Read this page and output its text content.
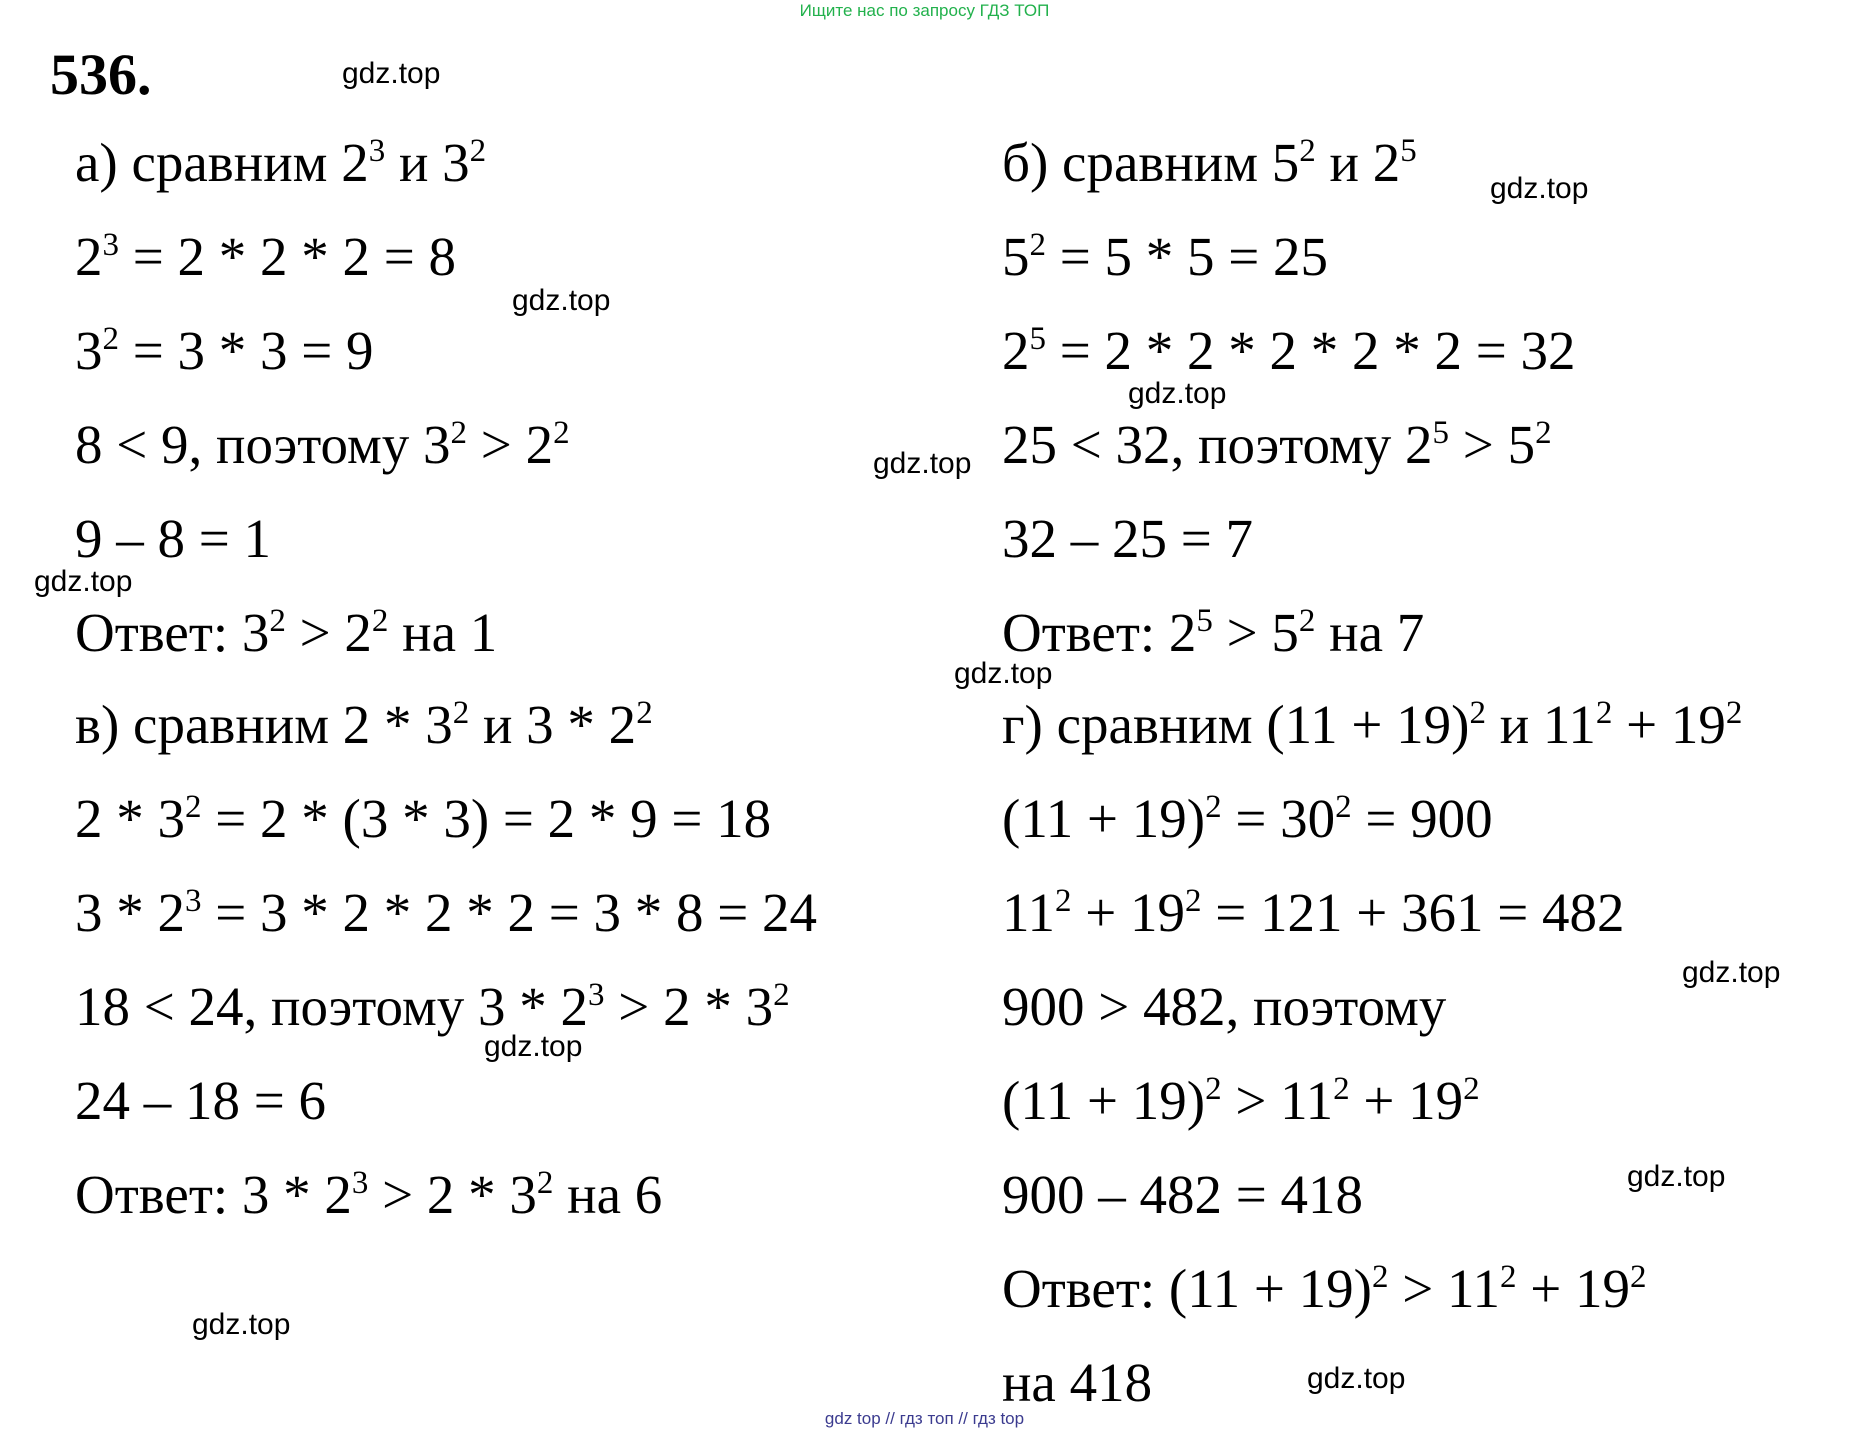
Ищите нас по запросу ГДЗ ТОП
536.
а) сравним $2^3$ и $3^2$
$2^3 = 2 * 2 * 2 = 8$
$3^2 = 3 * 3 = 9$
8 < 9, поэтому $3^2 > 2^2$
9 – 8 = 1
Ответ: $3^2 > 2^2$ на 1
б) сравним $5^2$ и $2^5$
$5^2 = 5 * 5 = 25$
$2^5 = 2 * 2 * 2 * 2 * 2 = 32$
25 < 32, поэтому $2^5 > 5^2$
32 – 25 = 7
Ответ: $2^5 > 5^2$ на 7
в) сравним $2 * 3^2$ и $3 * 2^2$
$2 * 3^2 = 2 * (3 * 3) = 2 * 9 = 18$
$3 * 2^3 = 3 * 2 * 2 * 2 = 3 * 8 = 24$
18 < 24, поэтому $3 * 2^3 > 2 * 3^2$
24 – 18 = 6
Ответ: $3 * 2^3 > 2 * 3^2$ на 6
г) сравним $(11 + 19)^2$ и $11^2 + 19^2$
$(11 + 19)^2 = 30^2 = 900$
$11^2 + 19^2 = 121 + 361 = 482$
900 > 482, поэтому
$(11 + 19)^2 > 11^2 + 19^2$
900 – 482 = 418
Ответ: $(11 + 19)^2 > 11^2 + 19^2$
на 418
gdz.top
gdz.top
gdz.top
gdz.top
gdz.top
gdz.top
gdz.top
gdz.top
gdz.top
gdz.top
gdz.top
gdz.top
gdz top // гдз топ // гдз top
